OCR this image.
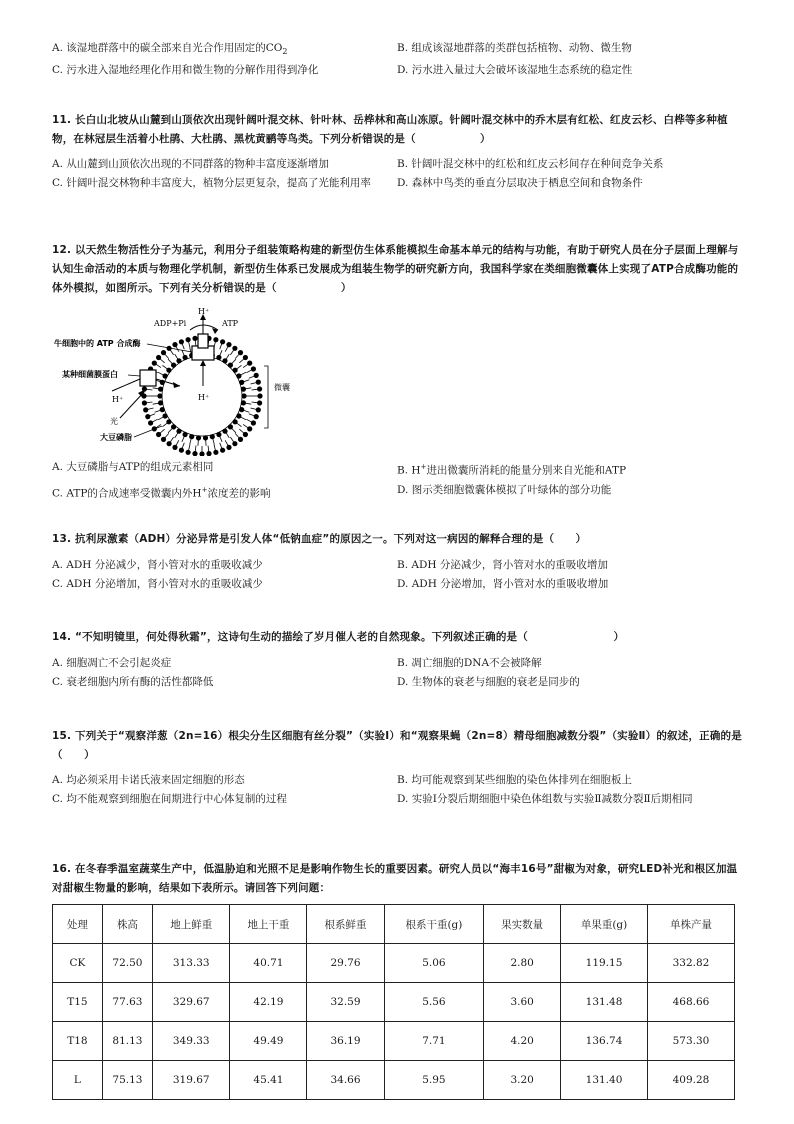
A. 该湿地群落中的碳全部来自光合作用固定的$CO_2$	B. 组成该湿地群落的类群包括植物、动物、微生物
C. 污水进入湿地经理化作用和微生物的分解作用得到净化	D. 污水进入量过大会破坏该湿地生态系统的稳定性
11. 长白山北坡从山麓到山顶依次出现针阔叶混交林、针叶林、岳桦林和高山冻原。针阔叶混交林中的乔木层有红松、红皮云杉、白桦等多种植物，在林冠层生活着小杜鹃、大杜鹃、黑枕黄鹂等鸟类。下列分析错误的是（　　　　　　）
A. 从山麓到山顶依次出现的不同群落的物种丰富度逐渐增加	B. 针阔叶混交林中的红松和红皮云杉间存在种间竞争关系
C. 针阔叶混交林物种丰富度大，植物分层更复杂，提高了光能利用率	D. 森林中鸟类的垂直分层取决于栖息空间和食物条件
12. 以天然生物活性分子为基元，利用分子组装策略构建的新型仿生体系能模拟生命基本单元的结构与功能，有助于研究人员在分子层面上理解与认知生命活动的本质与物理化学机制，新型仿生体系已发展成为组装生物学的研究新方向，我国科学家在类细胞微囊体上实现了ATP合成酶功能的体外模拟，如图所示。下列有关分析错误的是（　　　　　　）
ADP+Pi
H⁺
ATP
牛细胞中的 ATP 合成酶
某种细菌膜蛋白
H⁺	H⁺
光
大豆磷脂
微囊
A. 大豆磷脂与ATP的组成元素相同	B. H+进出微囊所消耗的能量分别来自光能和ATP
C. ATP的合成速率受微囊内外H+浓度差的影响	D. 图示类细胞微囊体模拟了叶绿体的部分功能
13. 抗利尿激素（ADH）分泌异常是引发人体“低钠血症”的原因之一。下列对这一病因的解释合理的是（　　）
A. ADH 分泌减少，肾小管对水的重吸收减少	B. ADH 分泌减少，肾小管对水的重吸收增加
C. ADH 分泌增加，肾小管对水的重吸收减少	D. ADH 分泌增加，肾小管对水的重吸收增加
14. “不知明镜里，何处得秋霜”，这诗句生动的描绘了岁月催人老的自然现象。下列叙述正确的是（　　　　　　　　）
A. 细胞凋亡不会引起炎症	B. 凋亡细胞的DNA不会被降解
C. 衰老细胞内所有酶的活性都降低	D. 生物体的衰老与细胞的衰老是同步的
15. 下列关于“观察洋葱（2n=16）根尖分生区细胞有丝分裂”（实验Ⅰ）和“观察果蝇（2n=8）精母细胞减数分裂”（实验Ⅱ）的叙述，正确的是（　　）
A. 均必须采用卡诺氏液来固定细胞的形态	B. 均可能观察到某些细胞的染色体排列在细胞板上
C. 均不能观察到细胞在间期进行中心体复制的过程	D. 实验Ⅰ分裂后期细胞中染色体组数与实验Ⅱ减数分裂Ⅱ后期相同
16. 在冬春季温室蔬菜生产中，低温胁迫和光照不足是影响作物生长的重要因素。研究人员以“海丰16号”甜椒为对象，研究LED补光和根区加温对甜椒生物量的影响，结果如下表所示。请回答下列问题：
处理	株高	地上鲜重	地上干重	根系鲜重	根系干重(g)	果实数量	单果重(g)	单株产量
CK	72.50	313.33	40.71	29.76	5.06	2.80	119.15	332.82
T15	77.63	329.67	42.19	32.59	5.56	3.60	131.48	468.66
T18	81.13	349.33	49.49	36.19	7.71	4.20	136.74	573.30
L	75.13	319.67	45.41	34.66	5.95	3.20	131.40	409.28
